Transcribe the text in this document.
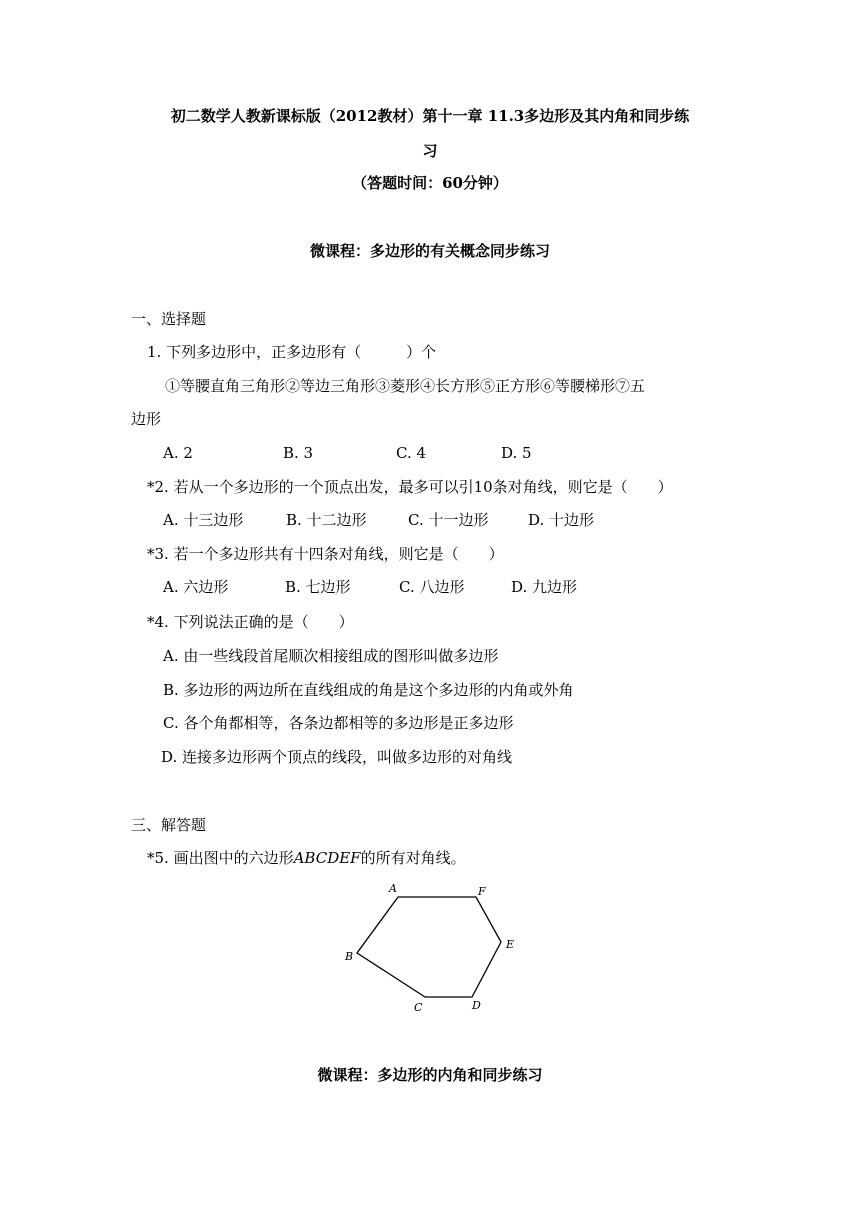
初二数学人教新课标版（2012教材）第十一章 11.3多边形及其内角和同步练
习
（答题时间：60分钟）
微课程：多边形的有关概念同步练习
一、选择题
1. 下列多边形中，正多边形有（　　　）个
①等腰直角三角形②等边三角形③菱形④长方形⑤正方形⑥等腰梯形⑦五
边形
A. 2	B. 3	C. 4	D. 5
*2. 若从一个多边形的一个顶点出发，最多可以引10条对角线，则它是（　　）
A. 十三边形	B. 十二边形	C. 十一边形	D. 十边形
*3. 若一个多边形共有十四条对角线，则它是（　　）
A. 六边形	B. 七边形	C. 八边形	D. 九边形
*4. 下列说法正确的是（　　）
A. 由一些线段首尾顺次相接组成的图形叫做多边形
B. 多边形的两边所在直线组成的角是这个多边形的内角或外角
C. 各个角都相等，各条边都相等的多边形是正多边形
D. 连接多边形两个顶点的线段，叫做多边形的对角线
三、解答题
*5. 画出图中的六边形ABCDEF的所有对角线。
A	F
E
D
C
B
微课程：多边形的内角和同步练习
